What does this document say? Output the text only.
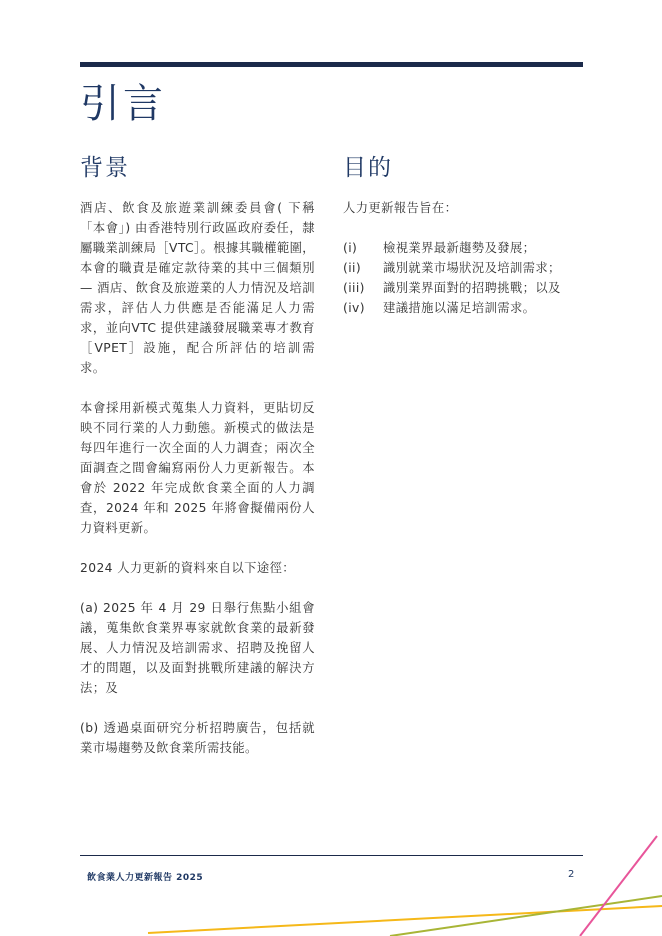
引言
背景

酒店、飲食及旅遊業訓練委員會( 下稱「本會」) 由香港特別行政區政府委任，隸屬職業訓練局［VTC］。根據其職權範圍，本會的職責是確定款待業的其中三個類別 — 酒店、飲食及旅遊業的人力情況及培訓需求，評估人力供應是否能滿足人力需求，並向VTC 提供建議發展職業專才教育［VPET］設施，配合所評估的培訓需求。

本會採用新模式蒐集人力資料，更貼切反映不同行業的人力動態。新模式的做法是每四年進行一次全面的人力調查；兩次全面調查之間會編寫兩份人力更新報告。本會於 2022 年完成飲食業全面的人力調查，2024 年和 2025 年將會擬備兩份人力資料更新。

2024 人力更新的資料來自以下途徑：

(a) 2025 年 4 月 29 日舉行焦點小組會議，蒐集飲食業界專家就飲食業的最新發展、人力情況及培訓需求、招聘及挽留人才的問題，以及面對挑戰所建議的解決方法；及

(b) 透過桌面研究分析招聘廣告，包括就業市場趨勢及飲食業所需技能。

目的

人力更新報告旨在：

(i)	檢視業界最新趨勢及發展；
(ii)	識別就業市場狀況及培訓需求；
(iii)	識別業界面對的招聘挑戰；以及
(iv)	建議措施以滿足培訓需求。
飲食業人力更新報告 2025	2
